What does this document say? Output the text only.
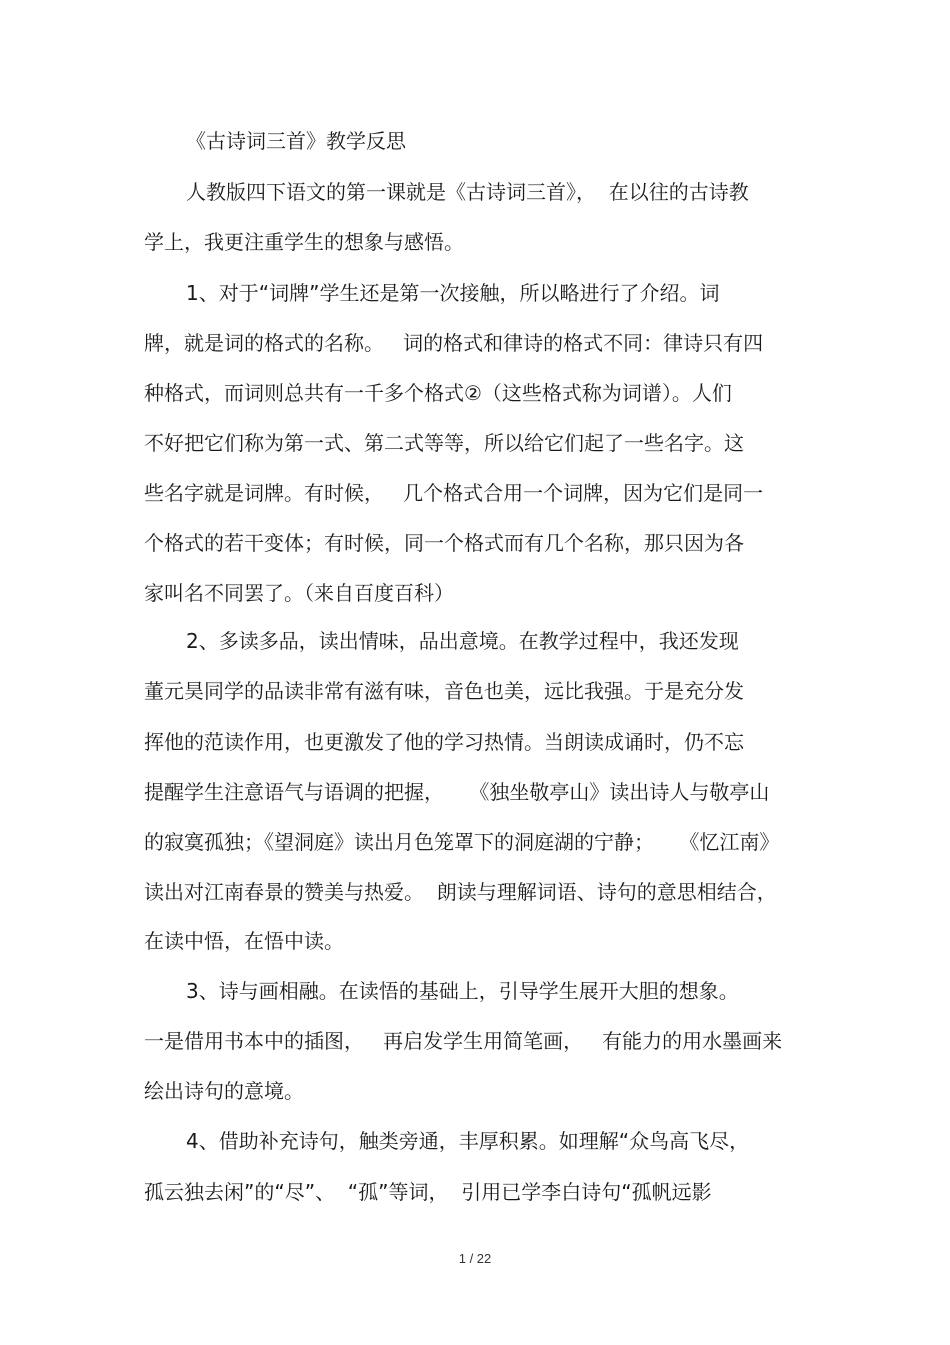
《古诗词三首》教学反思
人教版四下语文的第一课就是《古诗词三首》，  在以往的古诗教
学上，我更注重学生的想象与感悟。
1、对于“词牌”学生还是第一次接触，所以略进行了介绍。词
牌，就是词的格式的名称。   词的格式和律诗的格式不同：律诗只有四
种格式，而词则总共有一千多个格式②（这些格式称为词谱）。人们
不好把它们称为第一式、第二式等等，所以给它们起了一些名字。这
些名字就是词牌。有时候，   几个格式合用一个词牌，因为它们是同一
个格式的若干变体；有时候，同一个格式而有几个名称，那只因为各
家叫名不同罢了。（来自百度百科）
2、多读多品，读出情味，品出意境。在教学过程中，我还发现
董元昊同学的品读非常有滋有味，音色也美，远比我强。于是充分发
挥他的范读作用，也更激发了他的学习热情。当朗读成诵时，仍不忘
提醒学生注意语气与语调的把握，    《独坐敬亭山》读出诗人与敬亭山
的寂寞孤独；《望洞庭》读出月色笼罩下的洞庭湖的宁静；    《忆江南》
读出对江南春景的赞美与热爱。  朗读与理解词语、诗句的意思相结合，
在读中悟，在悟中读。
3、诗与画相融。在读悟的基础上，引导学生展开大胆的想象。
一是借用书本中的插图，   再启发学生用简笔画，   有能力的用水墨画来
绘出诗句的意境。
4、借助补充诗句，触类旁通，丰厚积累。如理解“众鸟高飞尽，
孤云独去闲”的“尽”、  “孤”等词，  引用已学李白诗句“孤帆远影
1 / 22
